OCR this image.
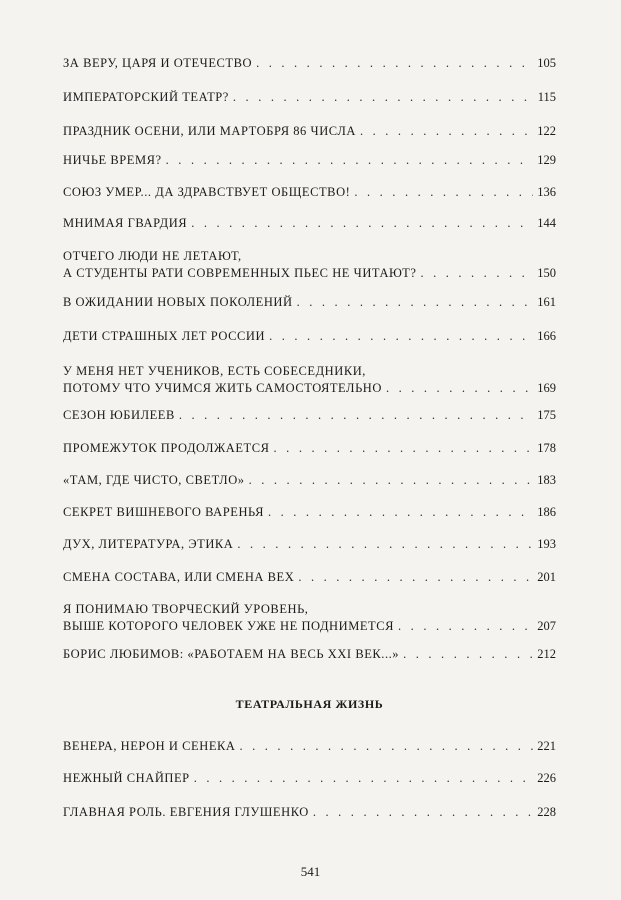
ЗА ВЕРУ, ЦАРЯ И ОТЕЧЕСТВО . . .	105
ИМПЕРАТОРСКИЙ ТЕАТР? . . .	115
ПРАЗДНИК ОСЕНИ, ИЛИ МАРТОБРЯ 86 ЧИСЛА . . .	122
НИЧЬЕ ВРЕМЯ? . . .	129
СОЮЗ УМЕР... ДА ЗДРАВСТВУЕТ ОБЩЕСТВО! . . .	136
МНИМАЯ ГВАРДИЯ . . .	144
ОТЧЕГО ЛЮДИ НЕ ЛЕТАЮТ,
А СТУДЕНТЫ РАТИ СОВРЕМЕННЫХ ПЬЕС НЕ ЧИТАЮТ? . . .	150
В ОЖИДАНИИ НОВЫХ ПОКОЛЕНИЙ . . .	161
ДЕТИ СТРАШНЫХ ЛЕТ РОССИИ . . .	166
У МЕНЯ НЕТ УЧЕНИКОВ, ЕСТЬ СОБЕСЕДНИКИ,
ПОТОМУ ЧТО УЧИМСЯ ЖИТЬ САМОСТОЯТЕЛЬНО . . .	169
СЕЗОН ЮБИЛЕЕВ . . .	175
ПРОМЕЖУТОК ПРОДОЛЖАЕТСЯ . . .	178
«ТАМ, ГДЕ ЧИСТО, СВЕТЛО» . . .	183
СЕКРЕТ ВИШНЕВОГО ВАРЕНЬЯ . . .	186
ДУХ, ЛИТЕРАТУРА, ЭТИКА . . .	193
СМЕНА СОСТАВА, ИЛИ СМЕНА ВЕХ . . .	201
Я ПОНИМАЮ ТВОРЧЕСКИЙ УРОВЕНЬ,
ВЫШЕ КОТОРОГО ЧЕЛОВЕК УЖЕ НЕ ПОДНИМЕТСЯ . . .	207
БОРИС ЛЮБИМОВ: «РАБОТАЕМ НА ВЕСЬ XXI ВЕК...» . . .	212
ТЕАТРАЛЬНАЯ ЖИЗНЬ
ВЕНЕРА, НЕРОН И СЕНЕКА . . .	221
НЕЖНЫЙ СНАЙПЕР . . .	226
ГЛАВНАЯ РОЛЬ. ЕВГЕНИЯ ГЛУШЕНКО . . .	228
541
